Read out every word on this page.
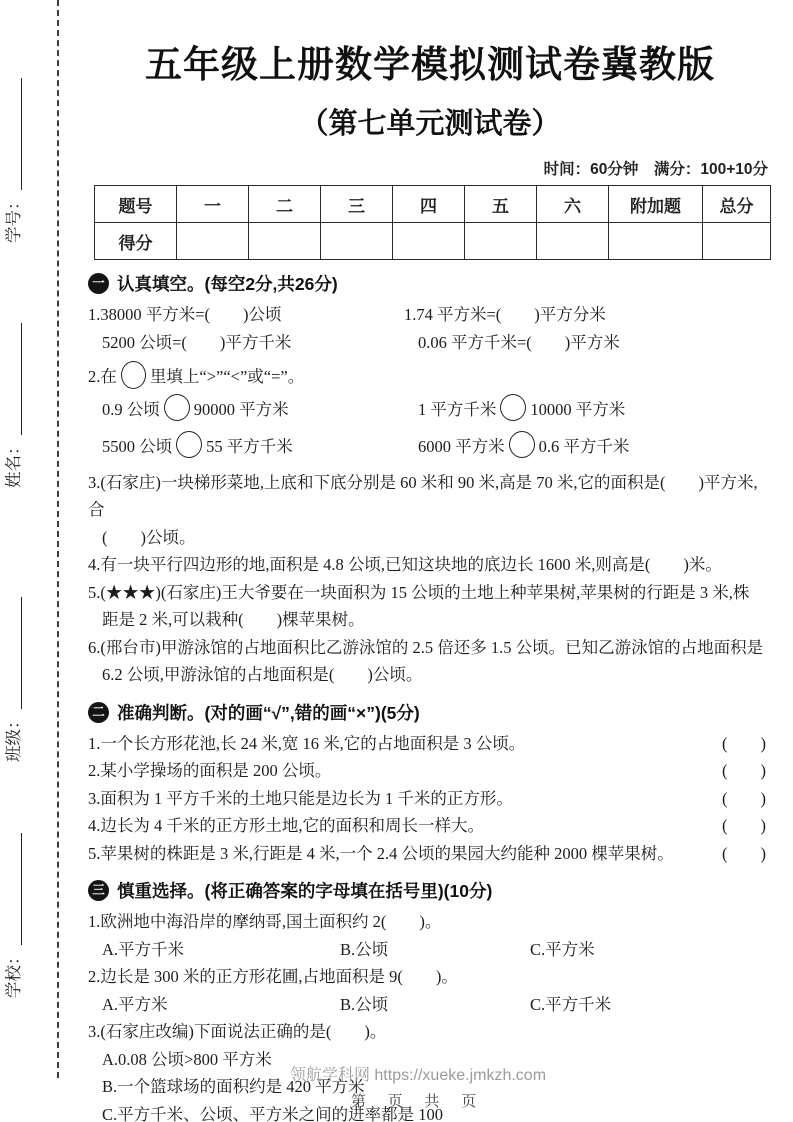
学号：
姓名：
班级：
学校：
五年级上册数学模拟测试卷冀教版
（第七单元测试卷）
时间：60分钟　满分：100+10分
题号	一	二	三	四	五	六	附加题	总分
得分								
一 认真填空。(每空2分,共26分)
1.38000 平方米=(　　)公顷	1.74 平方米=(　　)平方分米
5200 公顷=(　　)平方千米	0.06 平方千米=(　　)平方米
2.在 里填上“>”“<”或“=”。
0.9 公顷 90000 平方米	1 平方千米 10000 平方米
5500 公顷 55 平方千米	6000 平方米 0.6 平方千米
3.(石家庄)一块梯形菜地,上底和下底分别是 60 米和 90 米,高是 70 米,它的面积是(　　)平方米,合
(　　)公顷。
4.有一块平行四边形的地,面积是 4.8 公顷,已知这块地的底边长 1600 米,则高是(　　)米。
5.(★★★)(石家庄)王大爷要在一块面积为 15 公顷的土地上种苹果树,苹果树的行距是 3 米,株
距是 2 米,可以栽种(　　)棵苹果树。
6.(邢台市)甲游泳馆的占地面积比乙游泳馆的 2.5 倍还多 1.5 公顷。已知乙游泳馆的占地面积是
6.2 公顷,甲游泳馆的占地面积是(　　)公顷。
二 准确判断。(对的画“√”,错的画“×”)(5分)
1.一个长方形花池,长 24 米,宽 16 米,它的占地面积是 3 公顷。	(　　)
2.某小学操场的面积是 200 公顷。	(　　)
3.面积为 1 平方千米的土地只能是边长为 1 千米的正方形。	(　　)
4.边长为 4 千米的正方形土地,它的面积和周长一样大。	(　　)
5.苹果树的株距是 3 米,行距是 4 米,一个 2.4 公顷的果园大约能种 2000 棵苹果树。	(　　)
三 慎重选择。(将正确答案的字母填在括号里)(10分)
1.欧洲地中海沿岸的摩纳哥,国土面积约 2(　　)。
A.平方千米	B.公顷	C.平方米
2.边长是 300 米的正方形花圃,占地面积是 9(　　)。
A.平方米	B.公顷	C.平方千米
3.(石家庄改编)下面说法正确的是(　　)。
A.0.08 公顷>800 平方米
B.一个篮球场的面积约是 420 平方米
C.平方千米、公顷、平方米之间的进率都是 100
领航学科网 https://xueke.jmkzh.com
第 页 共 页
